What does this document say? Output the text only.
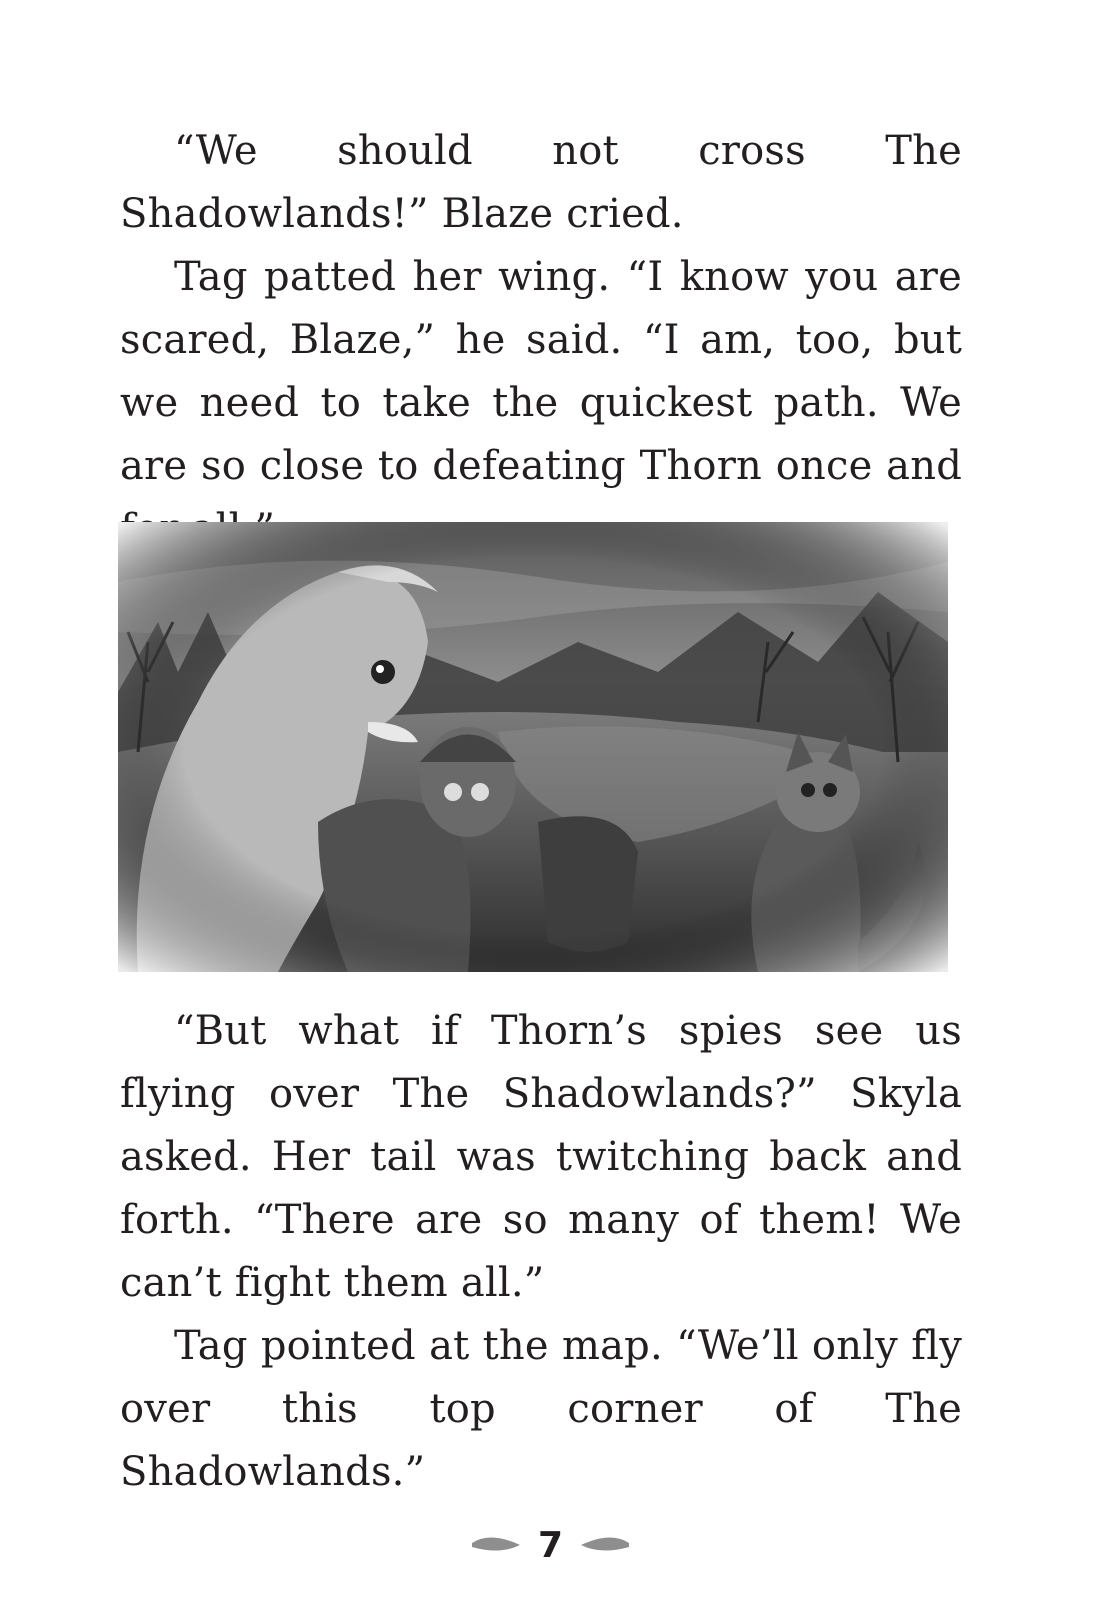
“We should not cross The Shadowlands!” Blaze cried.

Tag patted her wing. “I know you are scared, Blaze,” he said. “I am, too, but we need to take the quickest path. We are so close to defeating Thorn once and

“But what if Thorn’s spies see us flying over The Shadowlands?” Skyla asked. Her tail was twitching back and forth. “There are so many of them! We can’t fight them all.”

Tag pointed at the map. “We’ll only fly over this top corner of The Shadowlands.”

7
